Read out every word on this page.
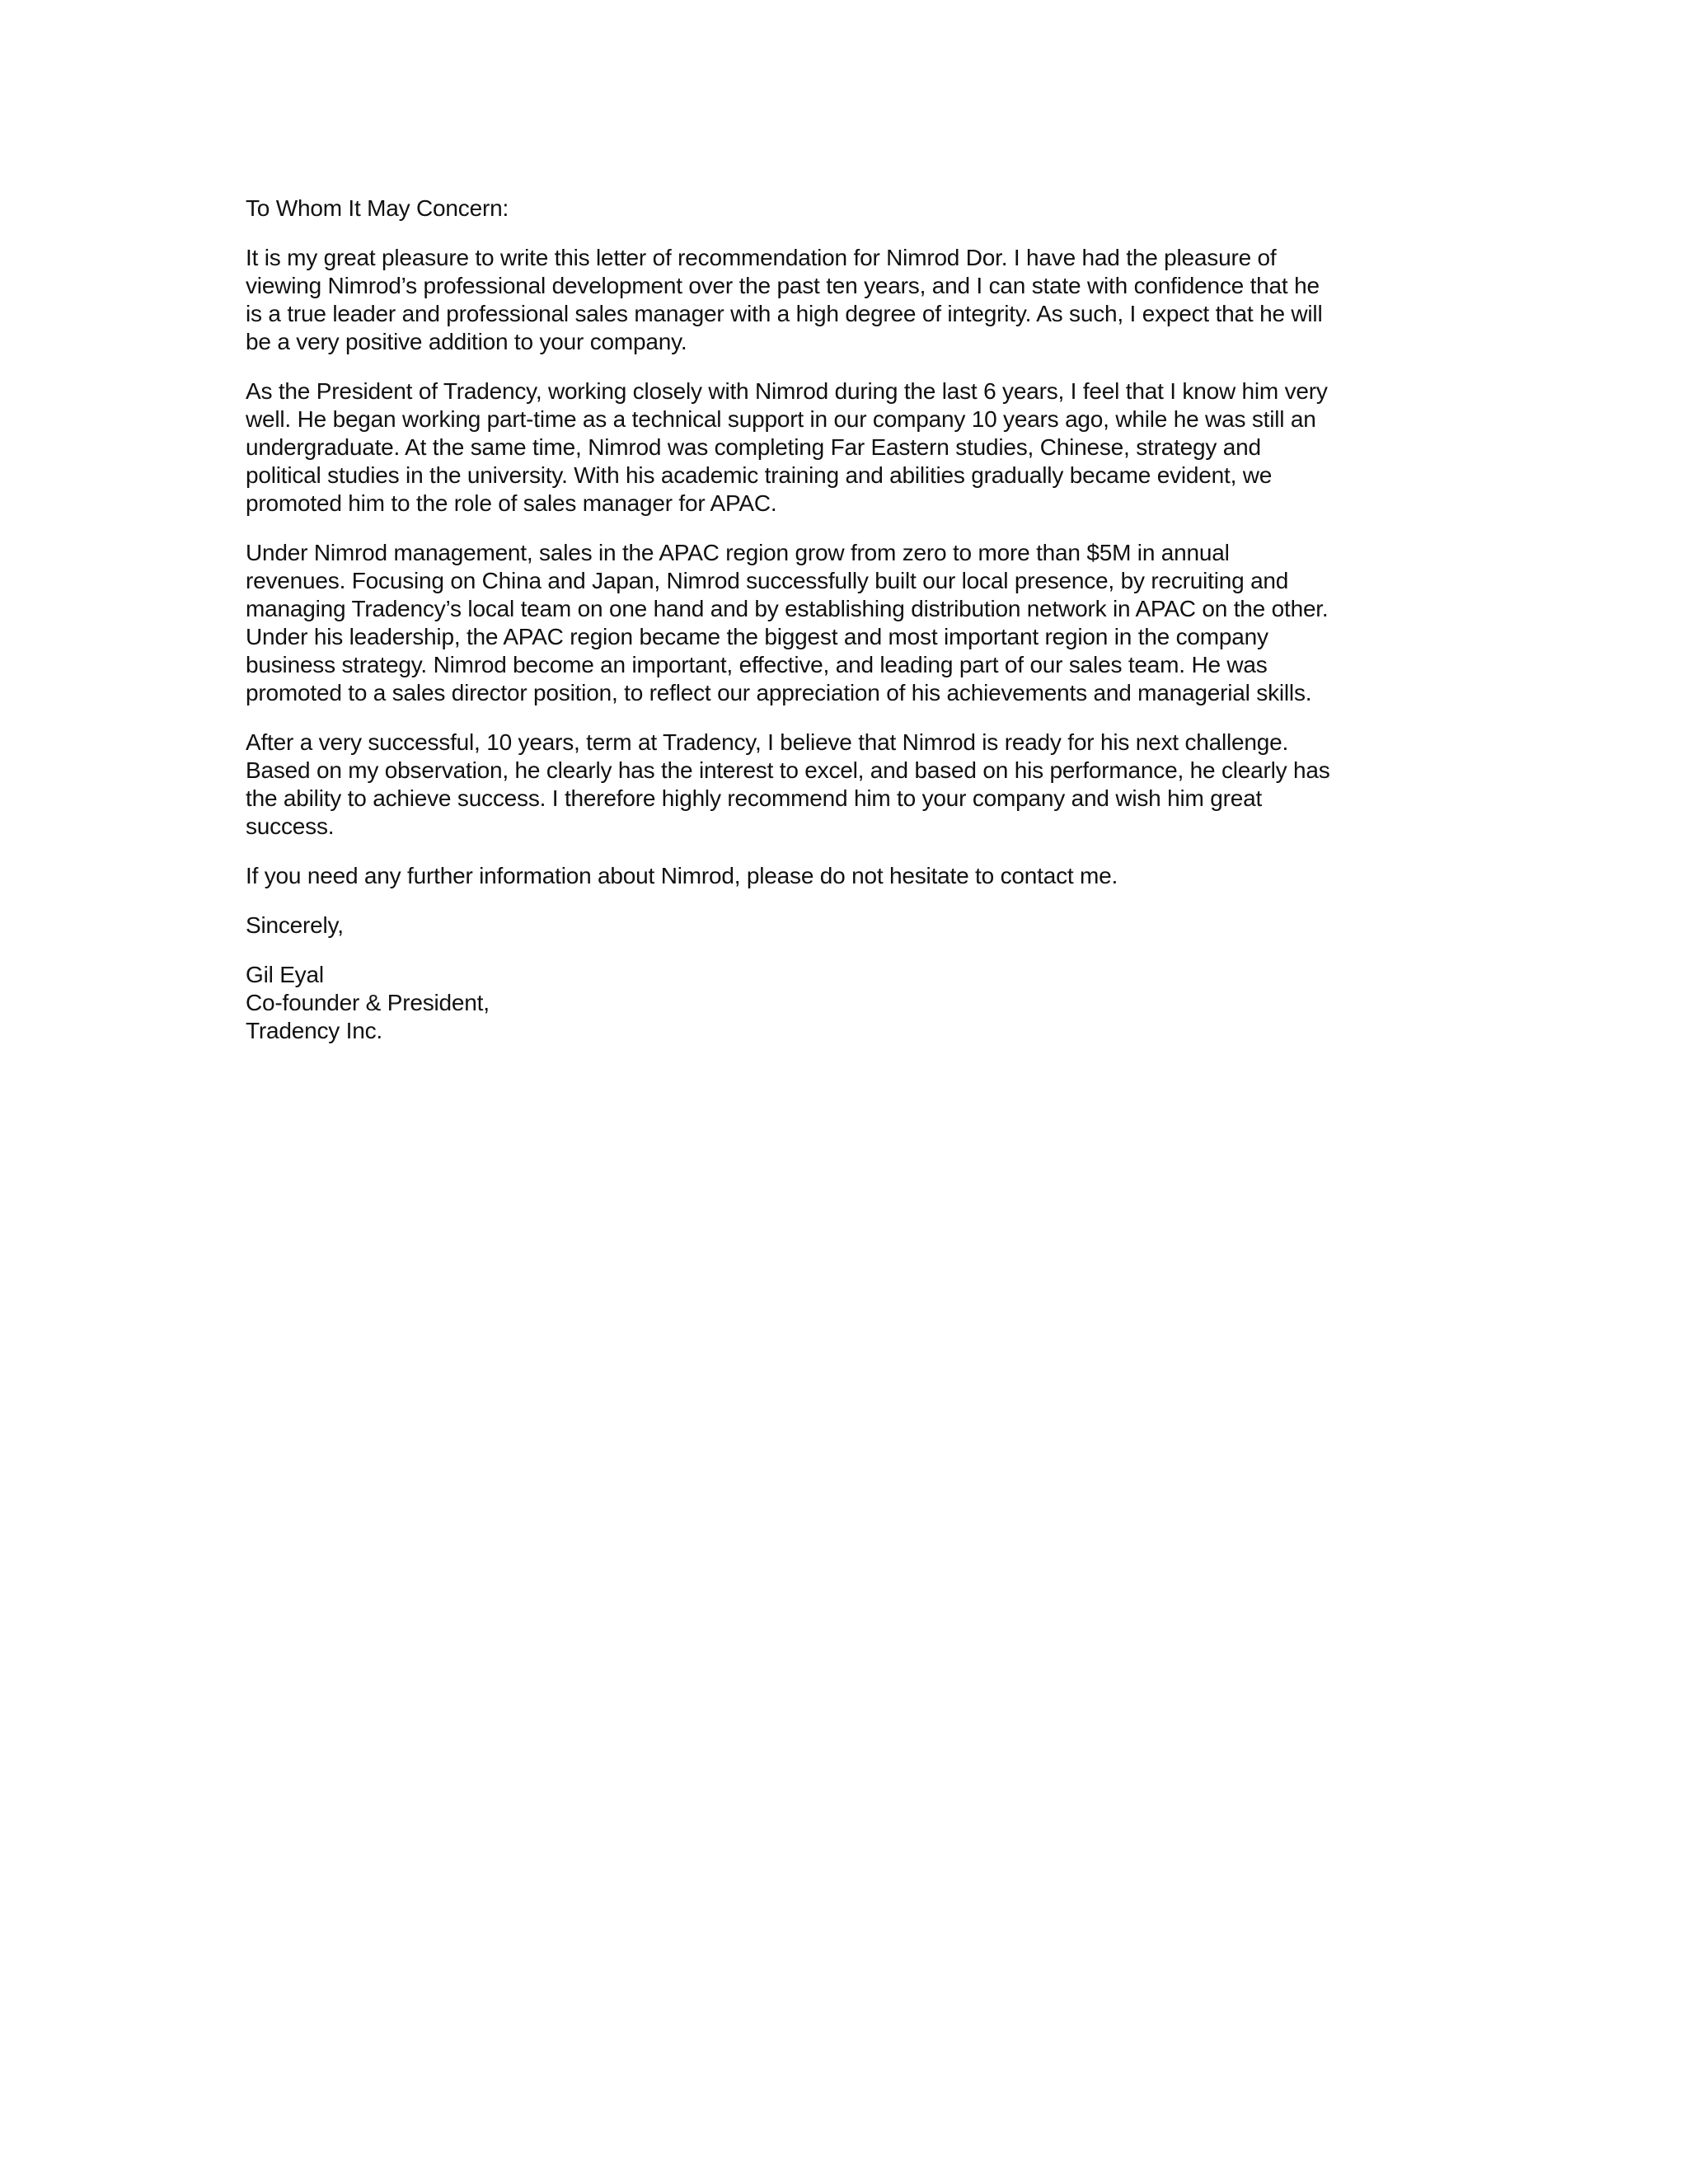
To Whom It May Concern:
It is my great pleasure to write this letter of recommendation for Nimrod Dor. I have had the pleasure of
viewing Nimrod’s professional development over the past ten years, and I can state with confidence that he
is a true leader and professional sales manager with a high degree of integrity. As such, I expect that he will
be a very positive addition to your company.
As the President of Tradency, working closely with Nimrod during the last 6 years, I feel that I know him very
well. He began working part-time as a technical support in our company 10 years ago, while he was still an
undergraduate. At the same time, Nimrod was completing Far Eastern studies, Chinese, strategy and
political studies in the university. With his academic training and abilities gradually became evident, we
promoted him to the role of sales manager for APAC.
Under Nimrod management, sales in the APAC region grow from zero to more than $5M in annual
revenues. Focusing on China and Japan, Nimrod successfully built our local presence, by recruiting and
managing Tradency’s local team on one hand and by establishing distribution network in APAC on the other.
Under his leadership, the APAC region became the biggest and most important region in the company
business strategy. Nimrod become an important, effective, and leading part of our sales team. He was
promoted to a sales director position, to reflect our appreciation of his achievements and managerial skills.
After a very successful, 10 years, term at Tradency, I believe that Nimrod is ready for his next challenge.
Based on my observation, he clearly has the interest to excel, and based on his performance, he clearly has
the ability to achieve success. I therefore highly recommend him to your company and wish him great
success.
If you need any further information about Nimrod, please do not hesitate to contact me.
Sincerely,
Gil Eyal
Co-founder & President,
Tradency Inc.
